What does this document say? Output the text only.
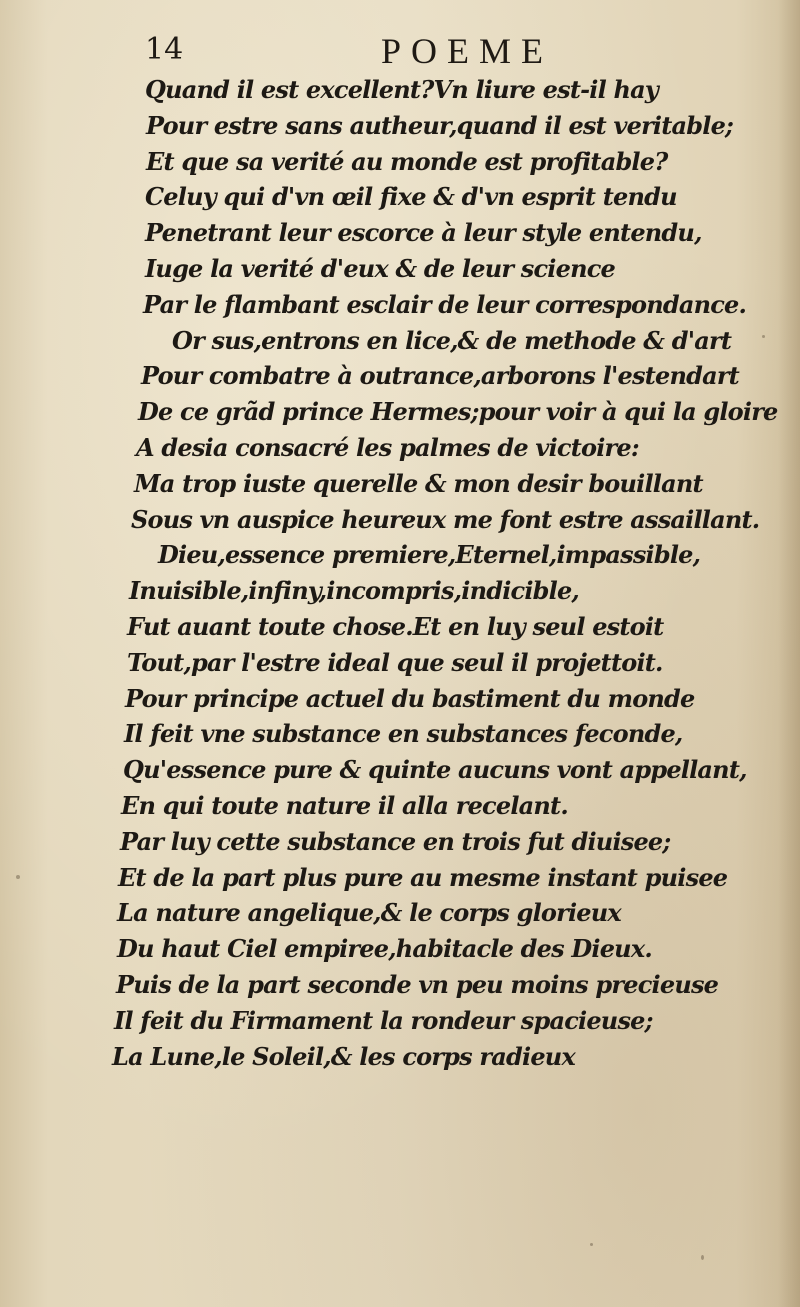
14	POEME
Quand il est excellent?Vn liure est-il hay
Pour estre sans autheur,quand il est veritable;
Et que sa verité au monde est profitable?
Celuy qui d'vn œil fixe & d'vn esprit tendu
Penetrant leur escorce à leur style entendu,
Iuge la verité d'eux & de leur science
Par le flambant esclair de leur correspondance.
Or sus,entrons en lice,& de methode & d'art
Pour combatre à outrance,arborons l'estendart
De ce grãd prince Hermes;pour voir à qui la gloire
A desia consacré les palmes de victoire:
Ma trop iuste querelle & mon desir bouillant
Sous vn auspice heureux me font estre assaillant.
Dieu,essence premiere,Eternel,impassible,
Inuisible,infiny,incompris,indicible,
Fut auant toute chose.Et en luy seul estoit
Tout,par l'estre ideal que seul il projettoit.
Pour principe actuel du bastiment du monde
Il feit vne substance en substances feconde,
Qu'essence pure & quinte aucuns vont appellant,
En qui toute nature il alla recelant.
Par luy cette substance en trois fut diuisee;
Et de la part plus pure au mesme instant puisee
La nature angelique,& le corps glorieux
Du haut Ciel empiree,habitacle des Dieux.
Puis de la part seconde vn peu moins precieuse
Il feit du Firmament la rondeur spacieuse;
La Lune,le Soleil,& les corps radieux
